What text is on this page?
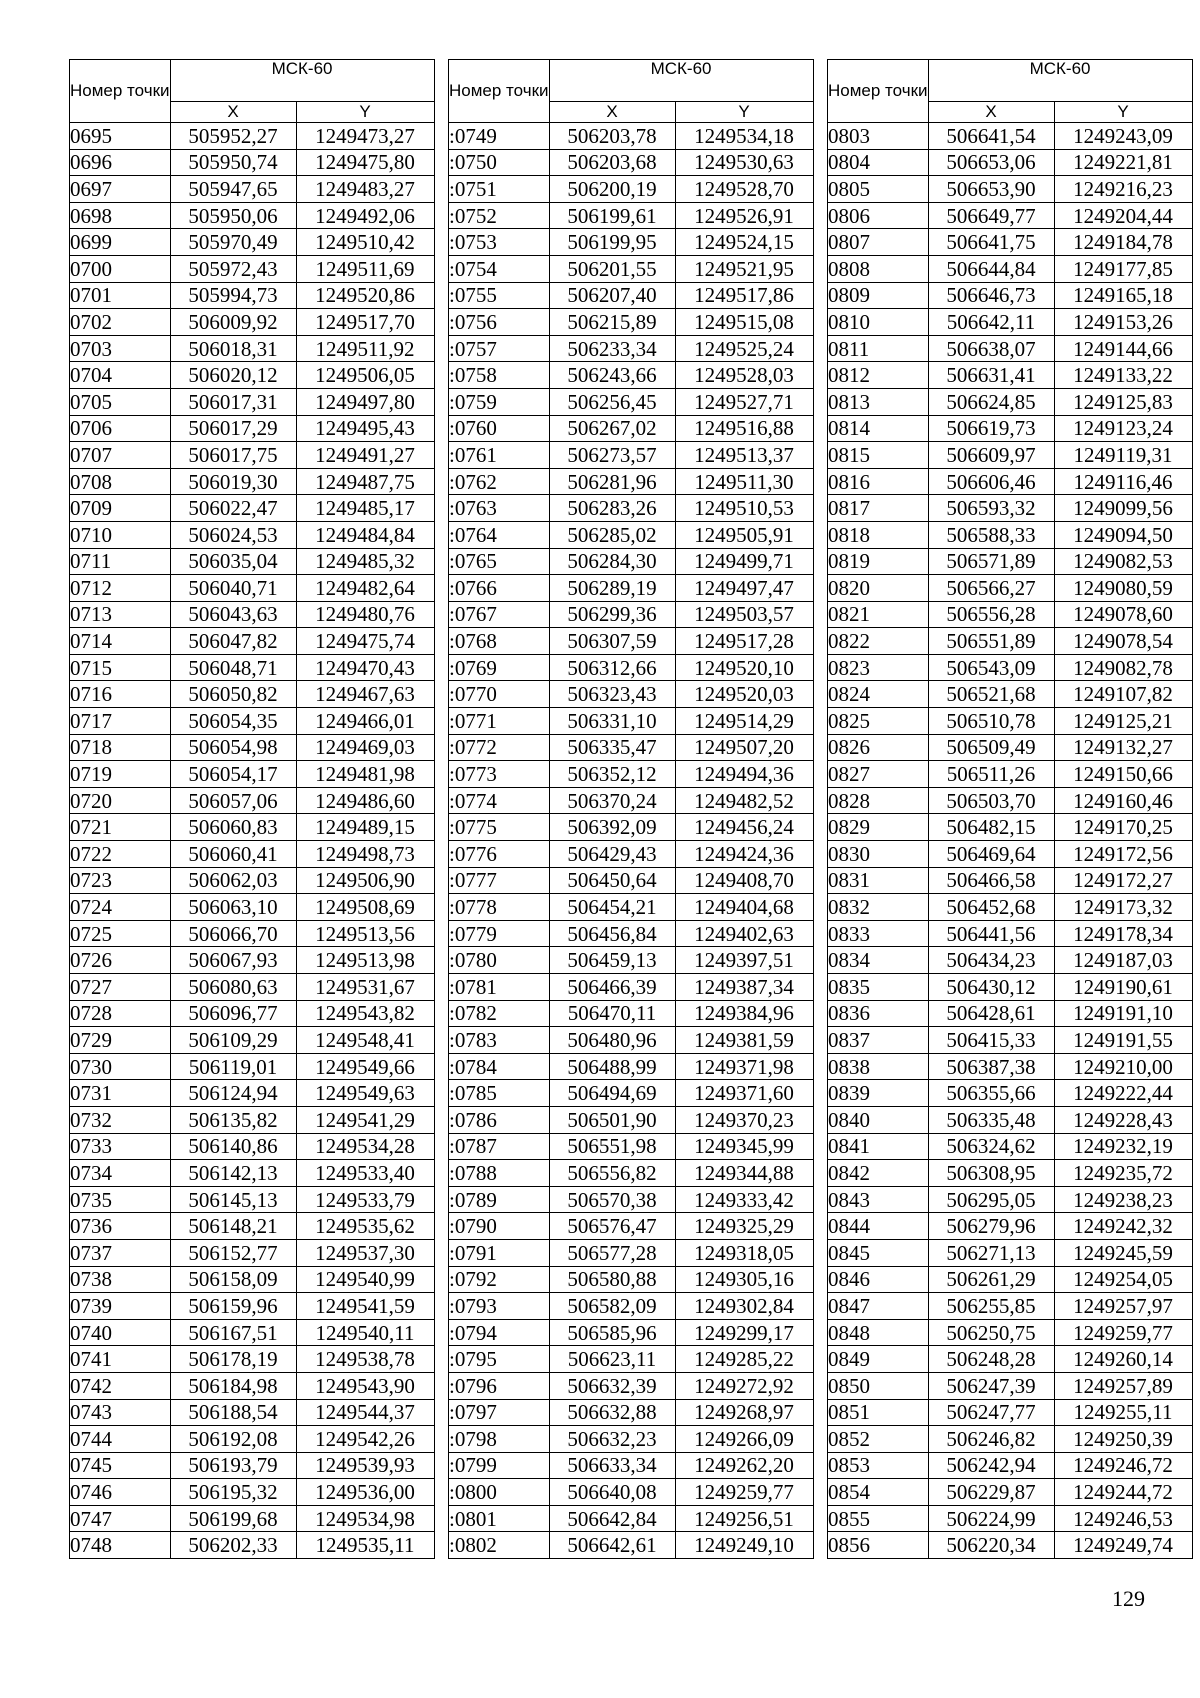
Номер точки	МСК-60	
	X	Y
0695	505952,27	1249473,27
0696	505950,74	1249475,80
0697	505947,65	1249483,27
0698	505950,06	1249492,06
0699	505970,49	1249510,42
0700	505972,43	1249511,69
0701	505994,73	1249520,86
0702	506009,92	1249517,70
0703	506018,31	1249511,92
0704	506020,12	1249506,05
0705	506017,31	1249497,80
0706	506017,29	1249495,43
0707	506017,75	1249491,27
0708	506019,30	1249487,75
0709	506022,47	1249485,17
0710	506024,53	1249484,84
0711	506035,04	1249485,32
0712	506040,71	1249482,64
0713	506043,63	1249480,76
0714	506047,82	1249475,74
0715	506048,71	1249470,43
0716	506050,82	1249467,63
0717	506054,35	1249466,01
0718	506054,98	1249469,03
0719	506054,17	1249481,98
0720	506057,06	1249486,60
0721	506060,83	1249489,15
0722	506060,41	1249498,73
0723	506062,03	1249506,90
0724	506063,10	1249508,69
0725	506066,70	1249513,56
0726	506067,93	1249513,98
0727	506080,63	1249531,67
0728	506096,77	1249543,82
0729	506109,29	1249548,41
0730	506119,01	1249549,66
0731	506124,94	1249549,63
0732	506135,82	1249541,29
0733	506140,86	1249534,28
0734	506142,13	1249533,40
0735	506145,13	1249533,79
0736	506148,21	1249535,62
0737	506152,77	1249537,30
0738	506158,09	1249540,99
0739	506159,96	1249541,59
0740	506167,51	1249540,11
0741	506178,19	1249538,78
0742	506184,98	1249543,90
0743	506188,54	1249544,37
0744	506192,08	1249542,26
0745	506193,79	1249539,93
0746	506195,32	1249536,00
0747	506199,68	1249534,98
0748	506202,33	1249535,11
Номер точки	МСК-60	
	X	Y
:0749	506203,78	1249534,18
:0750	506203,68	1249530,63
:0751	506200,19	1249528,70
:0752	506199,61	1249526,91
:0753	506199,95	1249524,15
:0754	506201,55	1249521,95
:0755	506207,40	1249517,86
:0756	506215,89	1249515,08
:0757	506233,34	1249525,24
:0758	506243,66	1249528,03
:0759	506256,45	1249527,71
:0760	506267,02	1249516,88
:0761	506273,57	1249513,37
:0762	506281,96	1249511,30
:0763	506283,26	1249510,53
:0764	506285,02	1249505,91
:0765	506284,30	1249499,71
:0766	506289,19	1249497,47
:0767	506299,36	1249503,57
:0768	506307,59	1249517,28
:0769	506312,66	1249520,10
:0770	506323,43	1249520,03
:0771	506331,10	1249514,29
:0772	506335,47	1249507,20
:0773	506352,12	1249494,36
:0774	506370,24	1249482,52
:0775	506392,09	1249456,24
:0776	506429,43	1249424,36
:0777	506450,64	1249408,70
:0778	506454,21	1249404,68
:0779	506456,84	1249402,63
:0780	506459,13	1249397,51
:0781	506466,39	1249387,34
:0782	506470,11	1249384,96
:0783	506480,96	1249381,59
:0784	506488,99	1249371,98
:0785	506494,69	1249371,60
:0786	506501,90	1249370,23
:0787	506551,98	1249345,99
:0788	506556,82	1249344,88
:0789	506570,38	1249333,42
:0790	506576,47	1249325,29
:0791	506577,28	1249318,05
:0792	506580,88	1249305,16
:0793	506582,09	1249302,84
:0794	506585,96	1249299,17
:0795	506623,11	1249285,22
:0796	506632,39	1249272,92
:0797	506632,88	1249268,97
:0798	506632,23	1249266,09
:0799	506633,34	1249262,20
:0800	506640,08	1249259,77
:0801	506642,84	1249256,51
:0802	506642,61	1249249,10
Номер точки	МСК-60	
	X	Y
0803	506641,54	1249243,09
0804	506653,06	1249221,81
0805	506653,90	1249216,23
0806	506649,77	1249204,44
0807	506641,75	1249184,78
0808	506644,84	1249177,85
0809	506646,73	1249165,18
0810	506642,11	1249153,26
0811	506638,07	1249144,66
0812	506631,41	1249133,22
0813	506624,85	1249125,83
0814	506619,73	1249123,24
0815	506609,97	1249119,31
0816	506606,46	1249116,46
0817	506593,32	1249099,56
0818	506588,33	1249094,50
0819	506571,89	1249082,53
0820	506566,27	1249080,59
0821	506556,28	1249078,60
0822	506551,89	1249078,54
0823	506543,09	1249082,78
0824	506521,68	1249107,82
0825	506510,78	1249125,21
0826	506509,49	1249132,27
0827	506511,26	1249150,66
0828	506503,70	1249160,46
0829	506482,15	1249170,25
0830	506469,64	1249172,56
0831	506466,58	1249172,27
0832	506452,68	1249173,32
0833	506441,56	1249178,34
0834	506434,23	1249187,03
0835	506430,12	1249190,61
0836	506428,61	1249191,10
0837	506415,33	1249191,55
0838	506387,38	1249210,00
0839	506355,66	1249222,44
0840	506335,48	1249228,43
0841	506324,62	1249232,19
0842	506308,95	1249235,72
0843	506295,05	1249238,23
0844	506279,96	1249242,32
0845	506271,13	1249245,59
0846	506261,29	1249254,05
0847	506255,85	1249257,97
0848	506250,75	1249259,77
0849	506248,28	1249260,14
0850	506247,39	1249257,89
0851	506247,77	1249255,11
0852	506246,82	1249250,39
0853	506242,94	1249246,72
0854	506229,87	1249244,72
0855	506224,99	1249246,53
0856	506220,34	1249249,74
129
